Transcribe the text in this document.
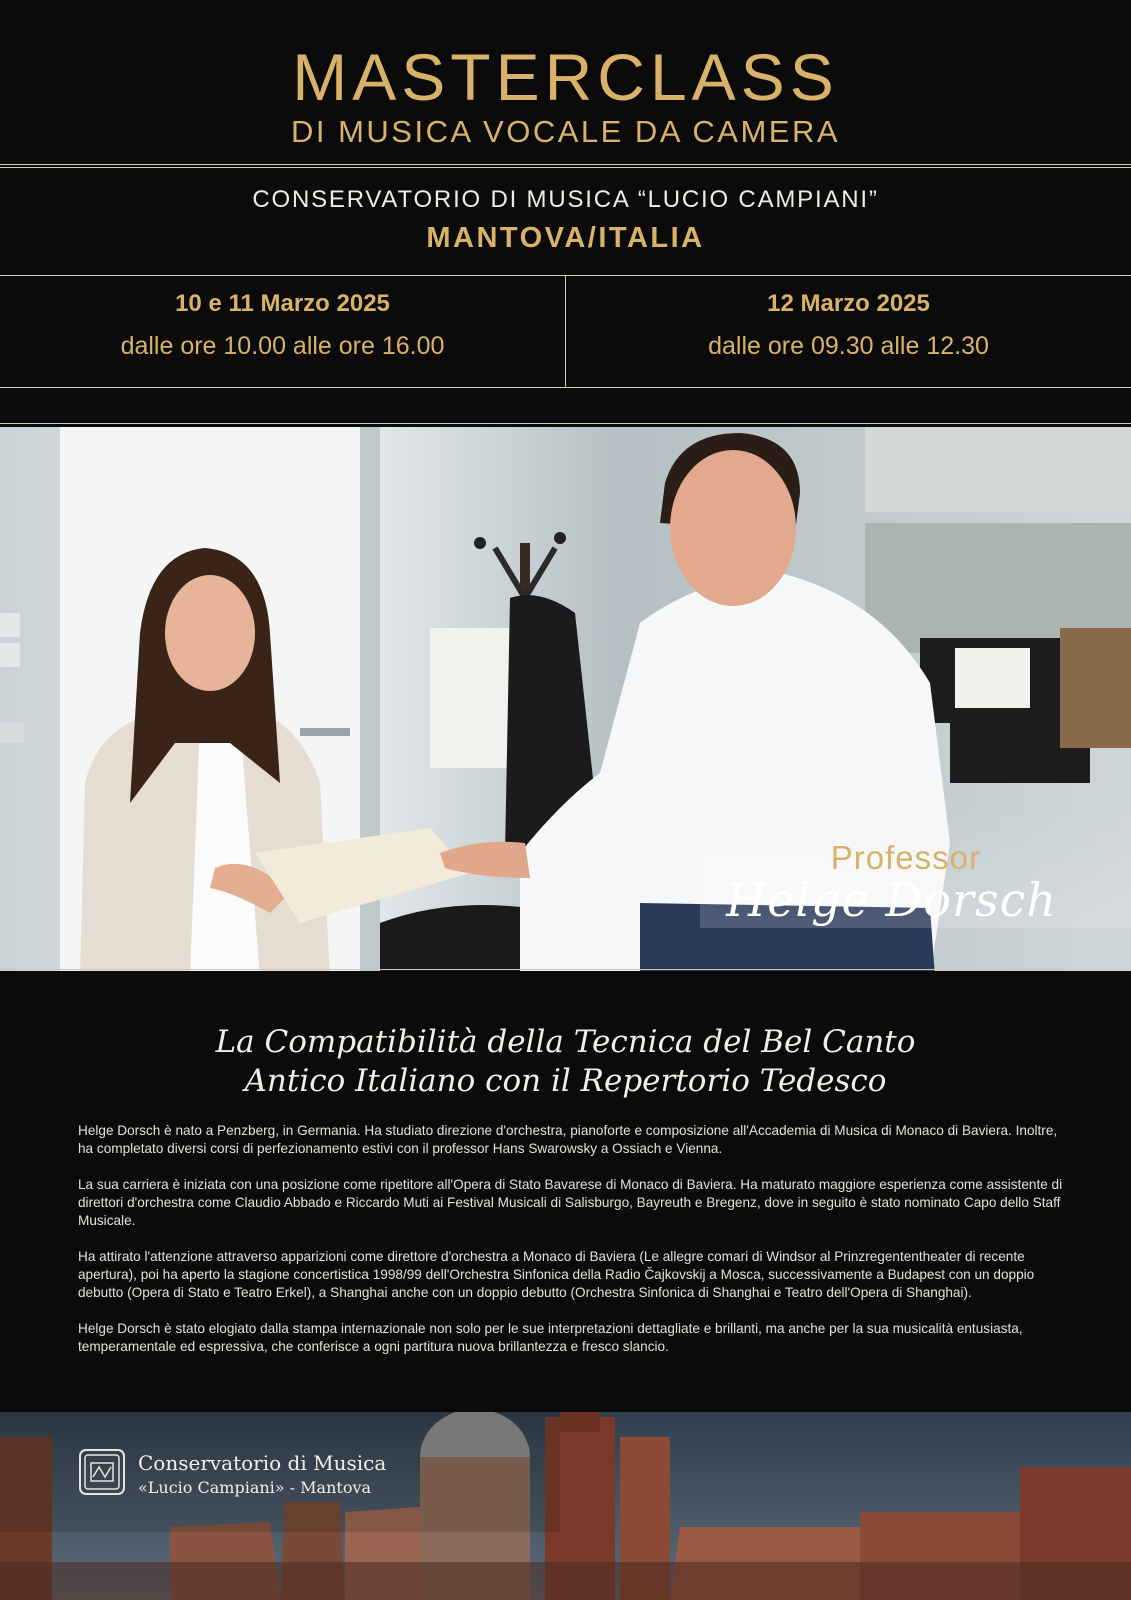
MASTERCLASS
DI MUSICA VOCALE DA CAMERA
CONSERVATORIO DI MUSICA “LUCIO CAMPIANI”
MANTOVA/ITALIA
10 e 11 Marzo 2025
dalle ore 10.00 alle ore 16.00
12 Marzo 2025
dalle ore 09.30 alle 12.30
Professor
Helge Dorsch
La Compatibilità della Tecnica del Bel Canto
Antico Italiano con il Repertorio Tedesco

Helge Dorsch è nato a Penzberg, in Germania. Ha studiato direzione d'orchestra, pianoforte e composizione all'Accademia di Musica di Monaco di Baviera. Inoltre, ha completato diversi corsi di perfezionamento estivi con il professor Hans Swarowsky a Ossiach e Vienna.

La sua carriera è iniziata con una posizione come ripetitore all'Opera di Stato Bavarese di Monaco di Baviera. Ha maturato maggiore esperienza come assistente di direttori d'orchestra come Claudio Abbado e Riccardo Muti ai Festival Musicali di Salisburgo, Bayreuth e Bregenz, dove in seguito è stato nominato Capo dello Staff Musicale.

Ha attirato l'attenzione attraverso apparizioni come direttore d'orchestra a Monaco di Baviera (Le allegre comari di Windsor al Prinzregententheater di recente apertura), poi ha aperto la stagione concertistica 1998/99 dell'Orchestra Sinfonica della Radio Čajkovskij a Mosca, successivamente a Budapest con un doppio debutto (Opera di Stato e Teatro Erkel), a Shanghai anche con un doppio debutto (Orchestra Sinfonica di Shanghai e Teatro dell'Opera di Shanghai).

Helge Dorsch è stato elogiato dalla stampa internazionale non solo per le sue interpretazioni dettagliate e brillanti, ma anche per la sua musicalità entusiasta, temperamentale ed espressiva, che conferisce a ogni partitura nuova brillantezza e fresco slancio.

Conservatorio di Musica
«Lucio Campiani» - Mantova
